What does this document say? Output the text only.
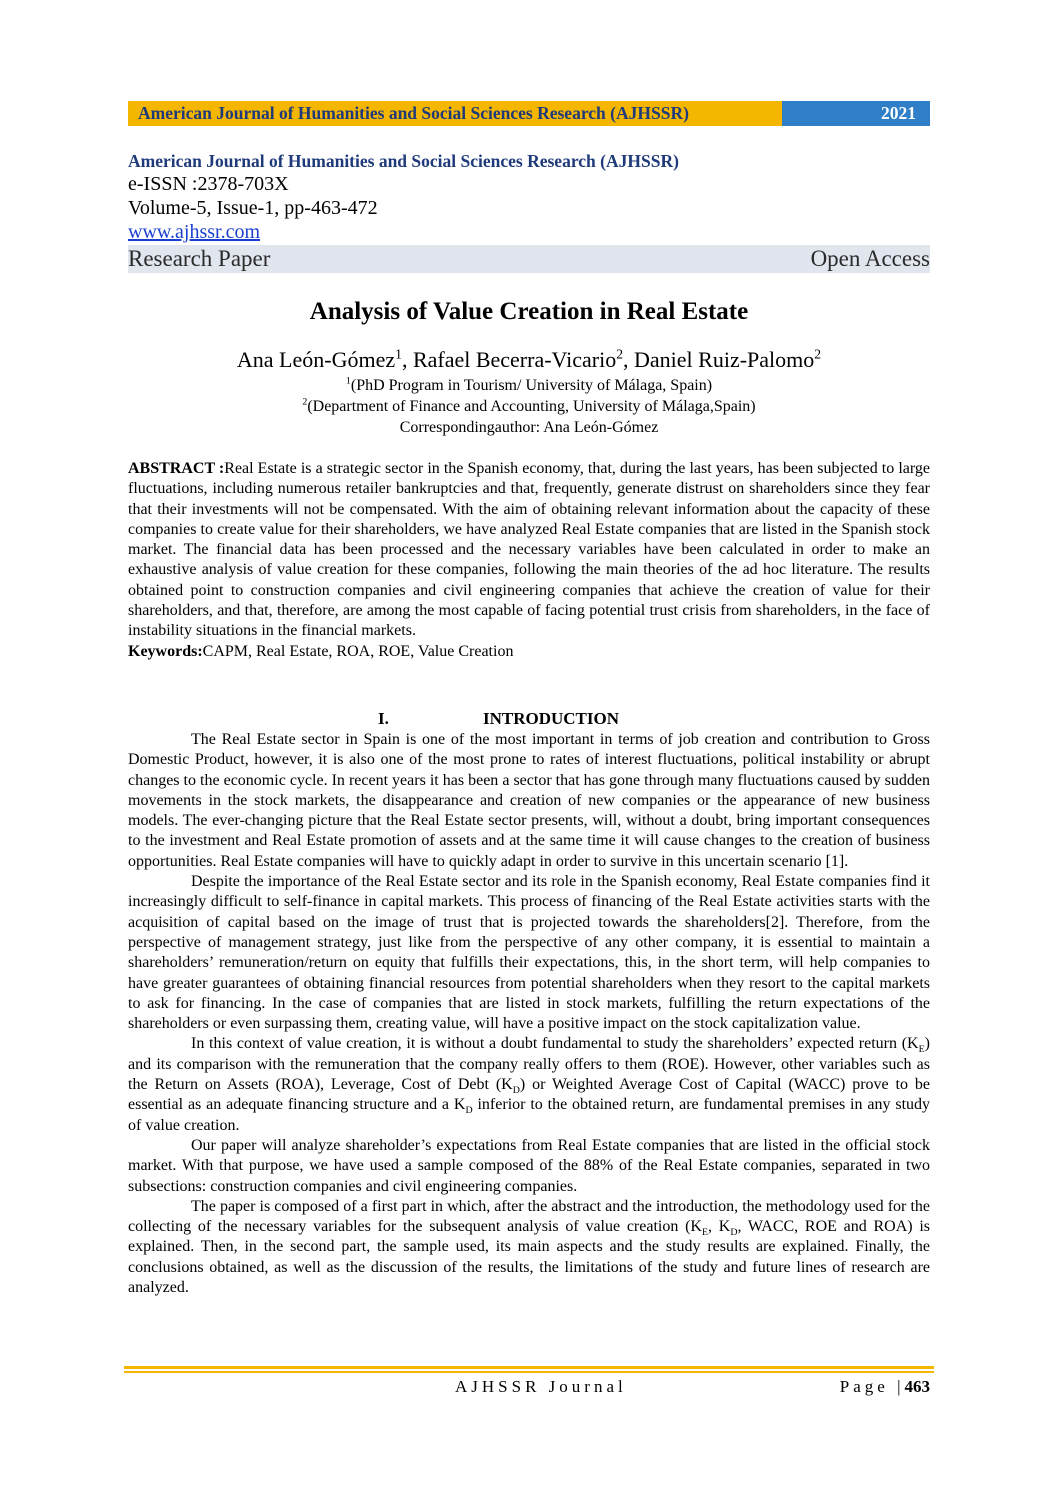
American Journal of Humanities and Social Sciences Research (AJHSSR)	2021
American Journal of Humanities and Social Sciences Research (AJHSSR)
e-ISSN :2378-703X
Volume-5, Issue-1, pp-463-472
www.ajhssr.com
Research Paper	Open Access
Analysis of Value Creation in Real Estate
Ana León-Gómez$^1$, Rafael Becerra-Vicario$^2$, Daniel Ruiz-Palomo$^2$
$^1$(PhD Program in Tourism/ University of Málaga, Spain)
$^2$(Department of Finance and Accounting, University of Málaga,Spain)
Correspondingauthor: Ana León-Gómez

ABSTRACT :Real Estate is a strategic sector in the Spanish economy, that, during the last years, has been subjected to large fluctuations, including numerous retailer bankruptcies and that, frequently, generate distrust on shareholders since they fear that their investments will not be compensated. With the aim of obtaining relevant information about the capacity of these companies to create value for their shareholders, we have analyzed Real Estate companies that are listed in the Spanish stock market. The financial data has been processed and the necessary variables have been calculated in order to make an exhaustive analysis of value creation for these companies, following the main theories of the ad hoc literature. The results obtained point to construction companies and civil engineering companies that achieve the creation of value for their shareholders, and that, therefore, are among the most capable of facing potential trust crisis from shareholders, in the face of instability situations in the financial markets.

Keywords:CAPM, Real Estate, ROA, ROE, Value Creation

I.	INTRODUCTION

The Real Estate sector in Spain is one of the most important in terms of job creation and contribution to Gross Domestic Product, however, it is also one of the most prone to rates of interest fluctuations, political instability or abrupt changes to the economic cycle. In recent years it has been a sector that has gone through many fluctuations caused by sudden movements in the stock markets, the disappearance and creation of new companies or the appearance of new business models. The ever-changing picture that the Real Estate sector presents, will, without a doubt, bring important consequences to the investment and Real Estate promotion of assets and at the same time it will cause changes to the creation of business opportunities. Real Estate companies will have to quickly adapt in order to survive in this uncertain scenario [1].

Despite the importance of the Real Estate sector and its role in the Spanish economy, Real Estate companies find it increasingly difficult to self-finance in capital markets. This process of financing of the Real Estate activities starts with the acquisition of capital based on the image of trust that is projected towards the shareholders[2]. Therefore, from the perspective of management strategy, just like from the perspective of any other company, it is essential to maintain a shareholders’ remuneration/return on equity that fulfills their expectations, this, in the short term, will help companies to have greater guarantees of obtaining financial resources from potential shareholders when they resort to the capital markets to ask for financing. In the case of companies that are listed in stock markets, fulfilling the return expectations of the shareholders or even surpassing them, creating value, will have a positive impact on the stock capitalization value.

In this context of value creation, it is without a doubt fundamental to study the shareholders’ expected return $(K_E)$ and its comparison with the remuneration that the company really offers to them (ROE). However, other variables such as the Return on Assets (ROA), Leverage, Cost of Debt $(K_D)$ or Weighted Average Cost of Capital (WACC) prove to be essential as an adequate financing structure and a $K_D$ inferior to the obtained return, are fundamental premises in any study of value creation.

Our paper will analyze shareholder’s expectations from Real Estate companies that are listed in the official stock market. With that purpose, we have used a sample composed of the 88% of the Real Estate companies, separated in two subsections: construction companies and civil engineering companies.

The paper is composed of a first part in which, after the abstract and the introduction, the methodology used for the collecting of the necessary variables for the subsequent analysis of value creation ($K_E$, $K_D$, WACC, ROE and ROA) is explained. Then, in the second part, the sample used, its main aspects and the study results are explained. Finally, the conclusions obtained, as well as the discussion of the results, the limitations of the study and future lines of research are analyzed.

AJHSSR Journal	Page |463
